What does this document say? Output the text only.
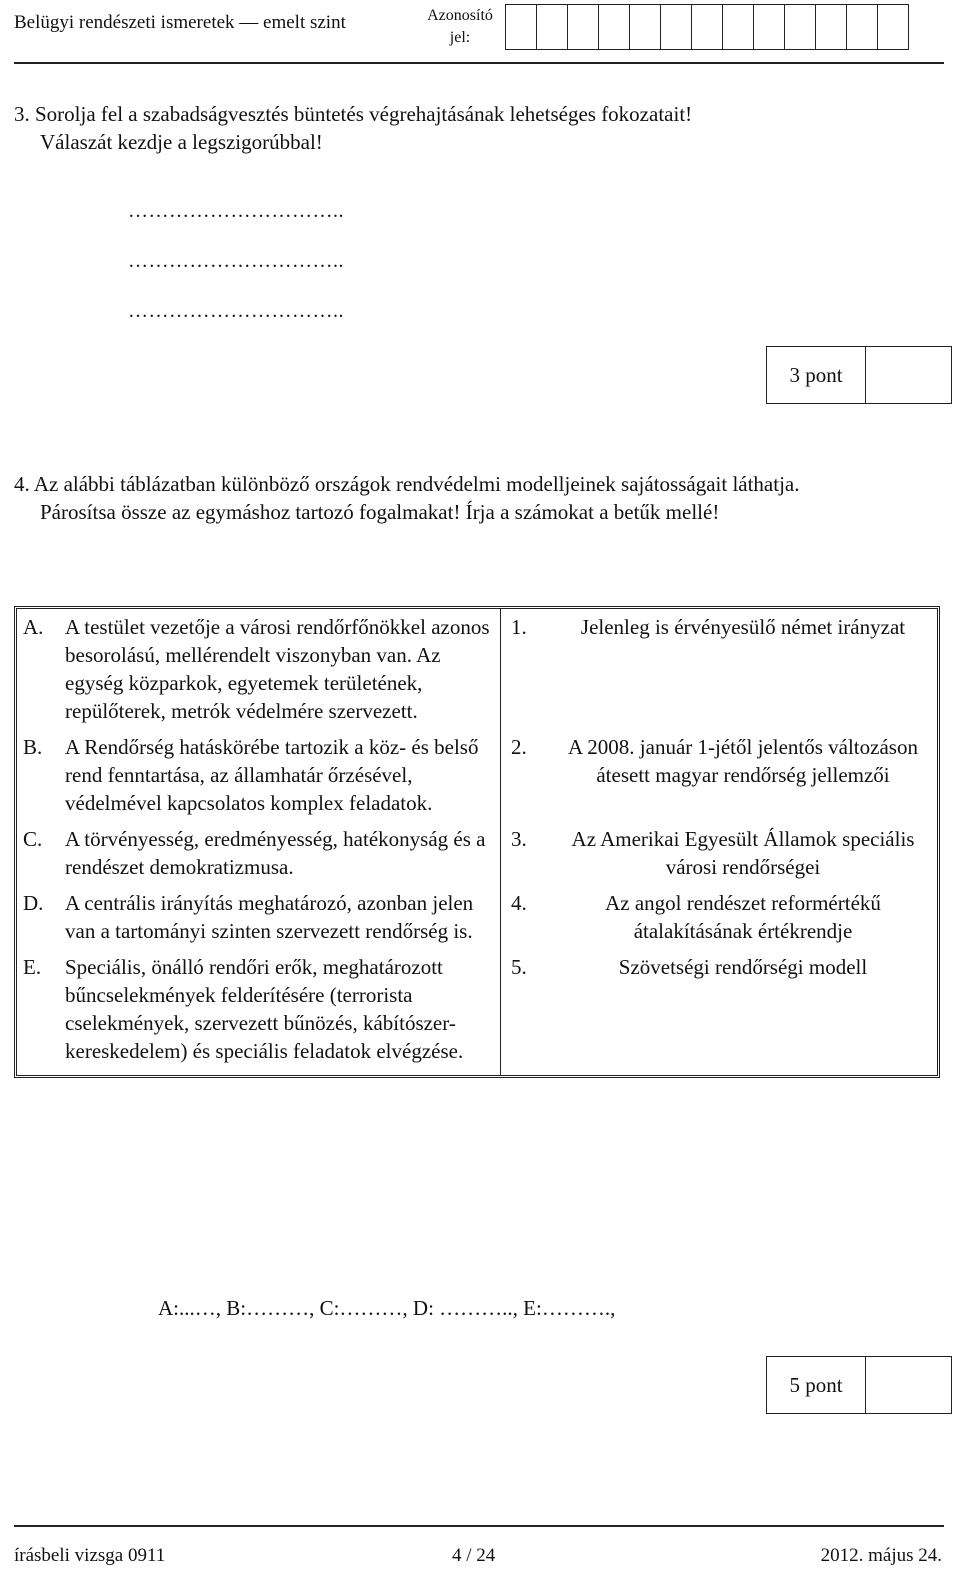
Belügyi rendészeti ismeretek — emelt szint	Azonosító
jel:
3. Sorolja fel a szabadságvesztés büntetés végrehajtásának lehetséges fokozatait!
Válaszát kezdje a legszigorúbbal!
…………………………..
…………………………..
…………………………..
3 pont
4. Az alábbi táblázatban különböző országok rendvédelmi modelljeinek sajátosságait láthatja.
Párosítsa össze az egymáshoz tartozó fogalmakat! Írja a számokat a betűk mellé!
A.	A testület vezetője a városi rendőrfőnökkel azonos besorolású, mellérendelt viszonyban van. Az egység közparkok, egyetemek területének, repülőterek, metrók védelmére szervezett.	1.	Jelenleg is érvényesülő német irányzat
B.	A Rendőrség hatáskörébe tartozik a köz- és belső rend fenntartása, az államhatár őrzésével, védelmével kapcsolatos komplex feladatok.	2.	A 2008. január 1-jétől jelentős változáson átesett magyar rendőrség jellemzői
C.	A törvényesség, eredményesség, hatékonyság és a rendészet demokratizmusa.	3.	Az Amerikai Egyesült Államok speciális városi rendőrségei
D.	A centrális irányítás meghatározó, azonban jelen van a tartományi szinten szervezett rendőrség is.	4.	Az angol rendészet reformértékű átalakításának értékrendje
E.	Speciális, önálló rendőri erők, meghatározott bűncselekmények felderítésére (terrorista cselekmények, szervezett bűnözés, kábítószer-kereskedelem) és speciális feladatok elvégzése.	5.	Szövetségi rendőrségi modell
A:...…, B:………, C:………, D: ……….., E:……….,
5 pont
írásbeli vizsga 0911	4 / 24	2012. május 24.
